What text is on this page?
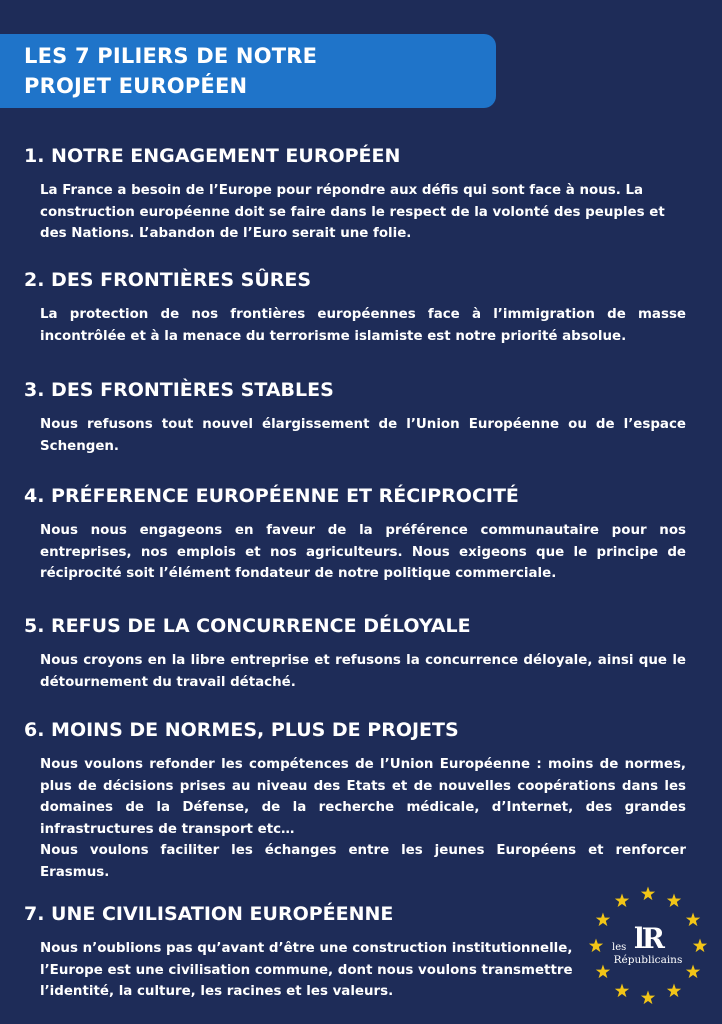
LES 7 PILIERS DE NOTRE
PROJET EUROPÉEN
1. NOTRE ENGAGEMENT EUROPÉEN

La France a besoin de l’Europe pour répondre aux défis qui sont face à nous. La construction européenne doit se faire dans le respect de la volonté des peuples et des Nations. L’abandon de l’Euro serait une folie.

2. DES FRONTIÈRES SÛRES

La protection de nos frontières européennes face à l’immigration de masse incontrôlée et à la menace du terrorisme islamiste est notre priorité absolue.

3. DES FRONTIÈRES STABLES

Nous refusons tout nouvel élargissement de l’Union Européenne ou de l’espace Schengen.

4. PRÉFERENCE EUROPÉENNE ET RÉCIPROCITÉ

Nous nous engageons en faveur de la préférence communautaire pour nos entreprises, nos emplois et nos agriculteurs. Nous exigeons que le principe de réciprocité soit l’élément fondateur de notre politique commerciale.

5. REFUS DE LA CONCURRENCE DÉLOYALE

Nous croyons en la libre entreprise et refusons la concurrence déloyale, ainsi que le détournement du travail détaché.

6. MOINS DE NORMES, PLUS DE PROJETS

Nous voulons refonder les compétences de l’Union Européenne : moins de normes, plus de décisions prises au niveau des Etats et de nouvelles coopérations dans les domaines de la Défense, de la recherche médicale, d’Internet, des grandes infrastructures de transport etc…

Nous voulons faciliter les échanges entre les jeunes Européens et renforcer Erasmus.

7. UNE CIVILISATION EUROPÉENNE

Nous n’oublions pas qu’avant d’être une construction institutionnelle, l’Europe est une civilisation commune, dont nous voulons transmettre l’identité, la culture, les racines et les valeurs.

lR
les
Républicains
